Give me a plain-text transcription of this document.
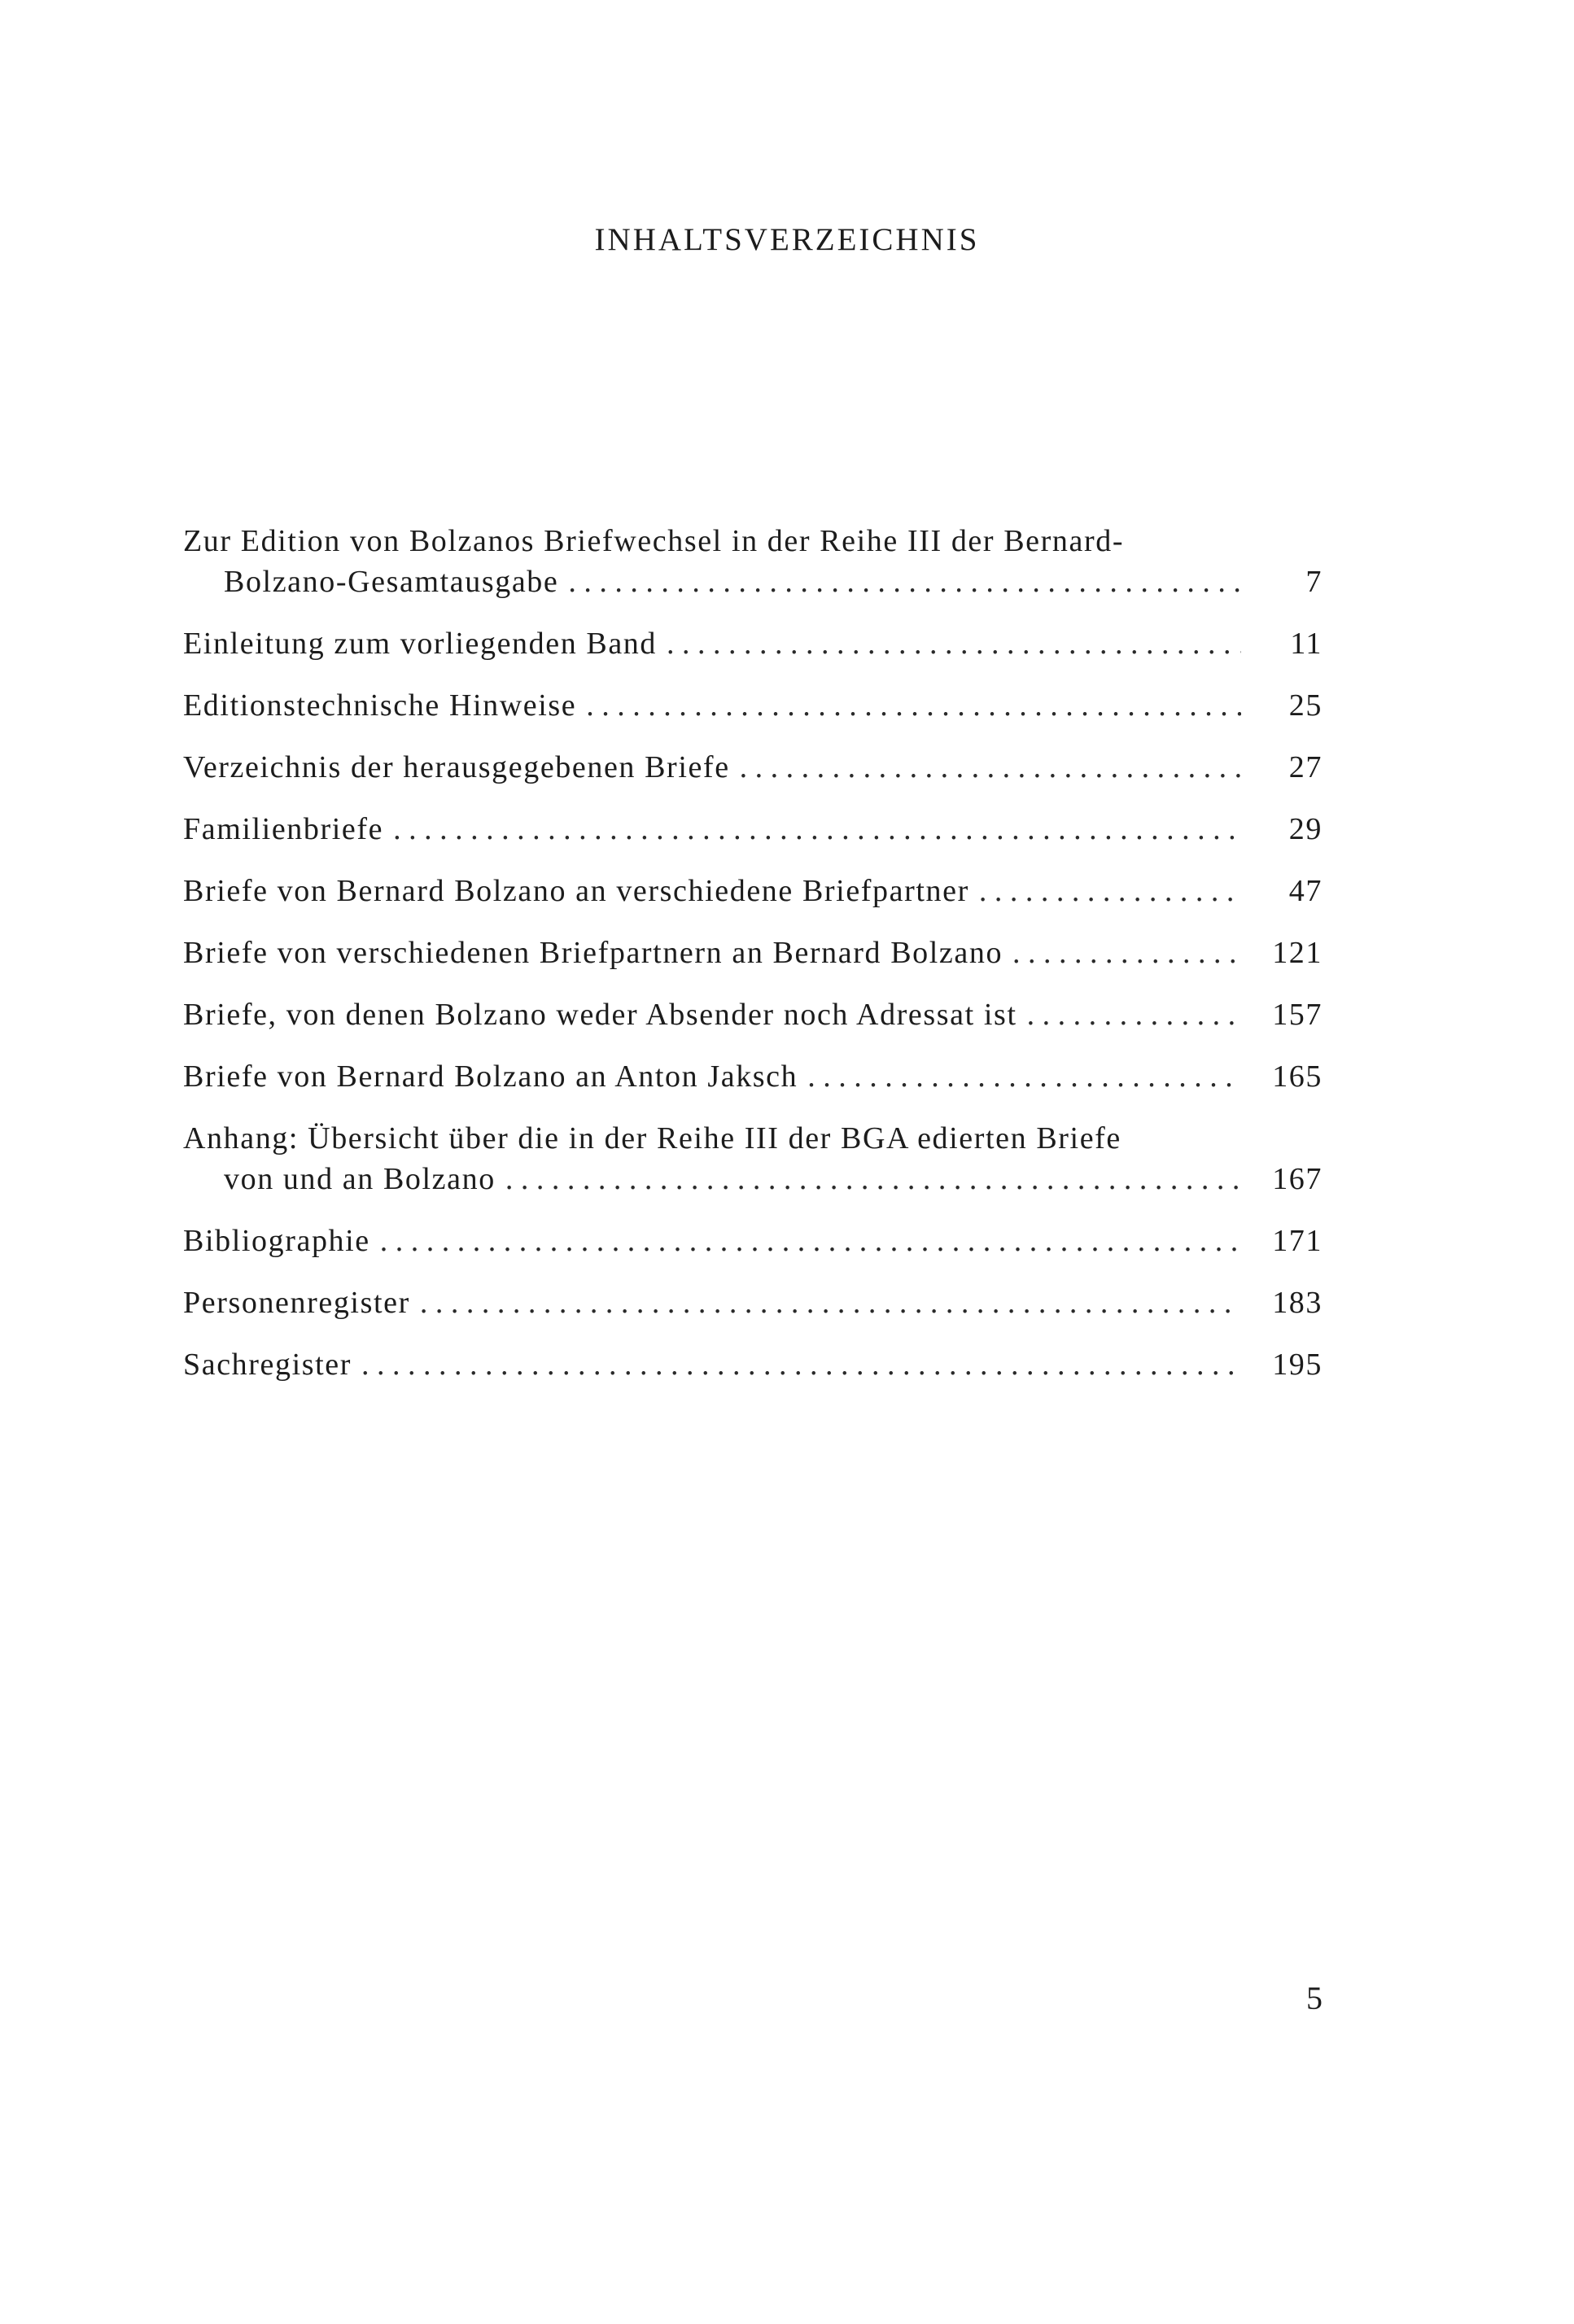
INHALTSVERZEICHNIS
Zur Edition von Bolzanos Briefwechsel in der Reihe III der Bernard-
Bolzano-Gesamtausgabe . . .	7
Einleitung zum vorliegenden Band . . .	11
Editionstechnische Hinweise . . .	25
Verzeichnis der herausgegebenen Briefe . . .	27
Familienbriefe . . .	29
Briefe von Bernard Bolzano an verschiedene Briefpartner . . .	47
Briefe von verschiedenen Briefpartnern an Bernard Bolzano . . .	121
Briefe, von denen Bolzano weder Absender noch Adressat ist . . .	157
Briefe von Bernard Bolzano an Anton Jaksch . . .	165
Anhang: Übersicht über die in der Reihe III der BGA edierten Briefe
von und an Bolzano . . .	167
Bibliographie . . .	171
Personenregister . . .	183
Sachregister . . .	195
5
